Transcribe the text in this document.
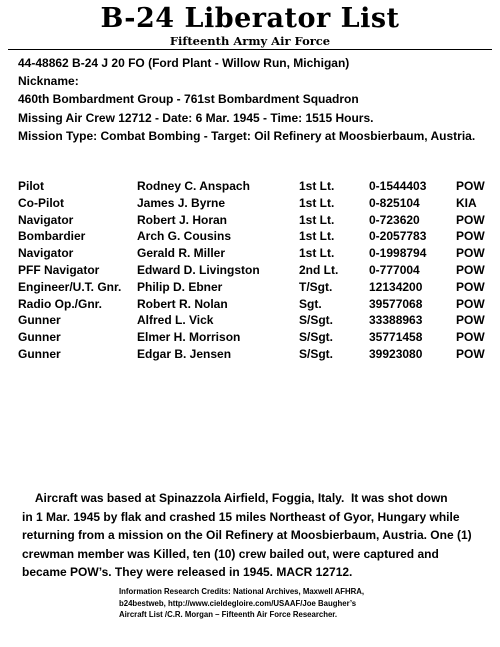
B-24 Liberator List
Fifteenth Army Air Force
44-48862 B-24 J 20 FO (Ford Plant - Willow Run, Michigan)
Nickname:
460th Bombardment Group - 761st Bombardment Squadron
Missing Air Crew 12712 - Date: 6 Mar. 1945 - Time: 1515 Hours.
Mission Type: Combat Bombing - Target: Oil Refinery at Moosbierbaum, Austria.
Pilot	Rodney C. Anspach	1st Lt.	0-1544403 POW
Co-Pilot	James J. Byrne	1st Lt.	0-825104	KIA
Navigator	Robert J. Horan	1st Lt.	0-723620	POW
Bombardier	Arch G. Cousins	1st Lt.	0-2057783 POW
Navigator	Gerald R. Miller	1st Lt.	0-1998794 POW
PFF Navigator	Edward D. Livingston	2nd Lt.	0-777004	POW
Engineer/U.T. Gnr. Philip D. Ebner	T/Sgt.	12134200	POW
Radio Op./Gnr.	Robert R. Nolan	Sgt.	39577068	POW
Gunner	Alfred L. Vick	S/Sgt.	33388963	POW
Gunner	Elmer H. Morrison	S/Sgt.	35771458	POW
Gunner	Edgar B. Jensen	S/Sgt.	39923080	POW
Aircraft was based at Spinazzola Airfield, Foggia, Italy.  It was shot down
in 1 Mar. 1945 by flak and crashed 15 miles Northeast of Gyor, Hungary while
returning from a mission on the Oil Refinery at Moosbierbaum, Austria. One (1)
crewman member was Killed, ten (10) crew bailed out, were captured and
became POW’s. They were released in 1945. MACR 12712.
Information Research Credits: National Archives, Maxwell AFHRA,
b24bestweb, http://www.cieldegloire.com/USAAF/Joe Baugher’s
Aircraft List /C.R. Morgan – Fifteenth Air Force Researcher.
